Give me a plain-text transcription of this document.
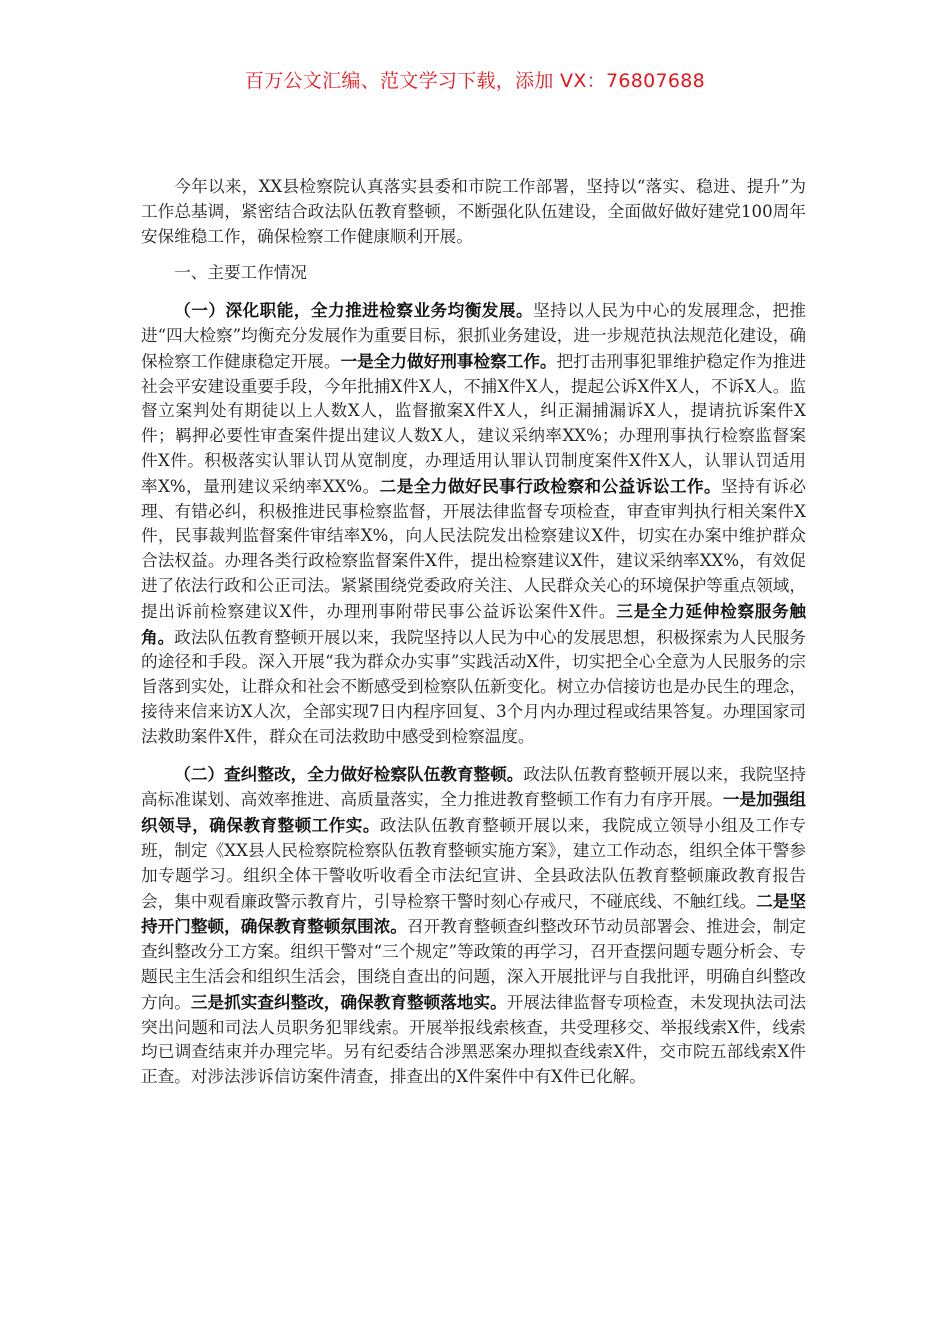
百万公文汇编、范文学习下载，添加 VX：76807688

今年以来，XX县检察院认真落实县委和市院工作部署，坚持以“落实、稳进、提升”为工作总基调，紧密结合政法队伍教育整顿，不断强化队伍建设，全面做好做好建党100周年安保维稳工作，确保检察工作健康顺利开展。

一、主要工作情况

（一）深化职能，全力推进检察业务均衡发展。坚持以人民为中心的发展理念，把推进“四大检察”均衡充分发展作为重要目标，狠抓业务建设，进一步规范执法规范化建设，确保检察工作健康稳定开展。一是全力做好刑事检察工作。把打击刑事犯罪维护稳定作为推进社会平安建设重要手段，今年批捕X件X人，不捕X件X人，提起公诉X件X人，不诉X人。监督立案判处有期徒以上人数X人，监督撤案X件X人，纠正漏捕漏诉X人，提请抗诉案件X件；羁押必要性审查案件提出建议人数X人，建议采纳率XX%；办理刑事执行检察监督案件X件。积极落实认罪认罚从宽制度，办理适用认罪认罚制度案件X件X人，认罪认罚适用率X%，量刑建议采纳率XX%。二是全力做好民事行政检察和公益诉讼工作。坚持有诉必理、有错必纠，积极推进民事检察监督，开展法律监督专项检查，审查审判执行相关案件X件，民事裁判监督案件审结率X%，向人民法院发出检察建议X件，切实在办案中维护群众合法权益。办理各类行政检察监督案件X件，提出检察建议X件，建议采纳率XX%，有效促进了依法行政和公正司法。紧紧围绕党委政府关注、人民群众关心的环境保护等重点领域，提出诉前检察建议X件，办理刑事附带民事公益诉讼案件X件。三是全力延伸检察服务触角。政法队伍教育整顿开展以来，我院坚持以人民为中心的发展思想，积极探索为人民服务的途径和手段。深入开展“我为群众办实事”实践活动X件，切实把全心全意为人民服务的宗旨落到实处，让群众和社会不断感受到检察队伍新变化。树立办信接访也是办民生的理念，接待来信来访X人次，全部实现7日内程序回复、3个月内办理过程或结果答复。办理国家司法救助案件X件，群众在司法救助中感受到检察温度。

（二）查纠整改，全力做好检察队伍教育整顿。政法队伍教育整顿开展以来，我院坚持高标准谋划、高效率推进、高质量落实，全力推进教育整顿工作有力有序开展。一是加强组织领导，确保教育整顿工作实。政法队伍教育整顿开展以来，我院成立领导小组及工作专班，制定《XX县人民检察院检察队伍教育整顿实施方案》，建立工作动态，组织全体干警参加专题学习。组织全体干警收听收看全市法纪宣讲、全县政法队伍教育整顿廉政教育报告会，集中观看廉政警示教育片，引导检察干警时刻心存戒尺，不碰底线、不触红线。二是坚持开门整顿，确保教育整顿氛围浓。召开教育整顿查纠整改环节动员部署会、推进会，制定查纠整改分工方案。组织干警对“三个规定”等政策的再学习，召开查摆问题专题分析会、专题民主生活会和组织生活会，围绕自查出的问题，深入开展批评与自我批评，明确自纠整改方向。三是抓实查纠整改，确保教育整顿落地实。开展法律监督专项检查，未发现执法司法突出问题和司法人员职务犯罪线索。开展举报线索核查，共受理移交、举报线索X件，线索均已调查结束并办理完毕。另有纪委结合涉黑恶案办理拟查线索X件，交市院五部线索X件正查。对涉法涉诉信访案件清查，排查出的X件案件中有X件已化解。
